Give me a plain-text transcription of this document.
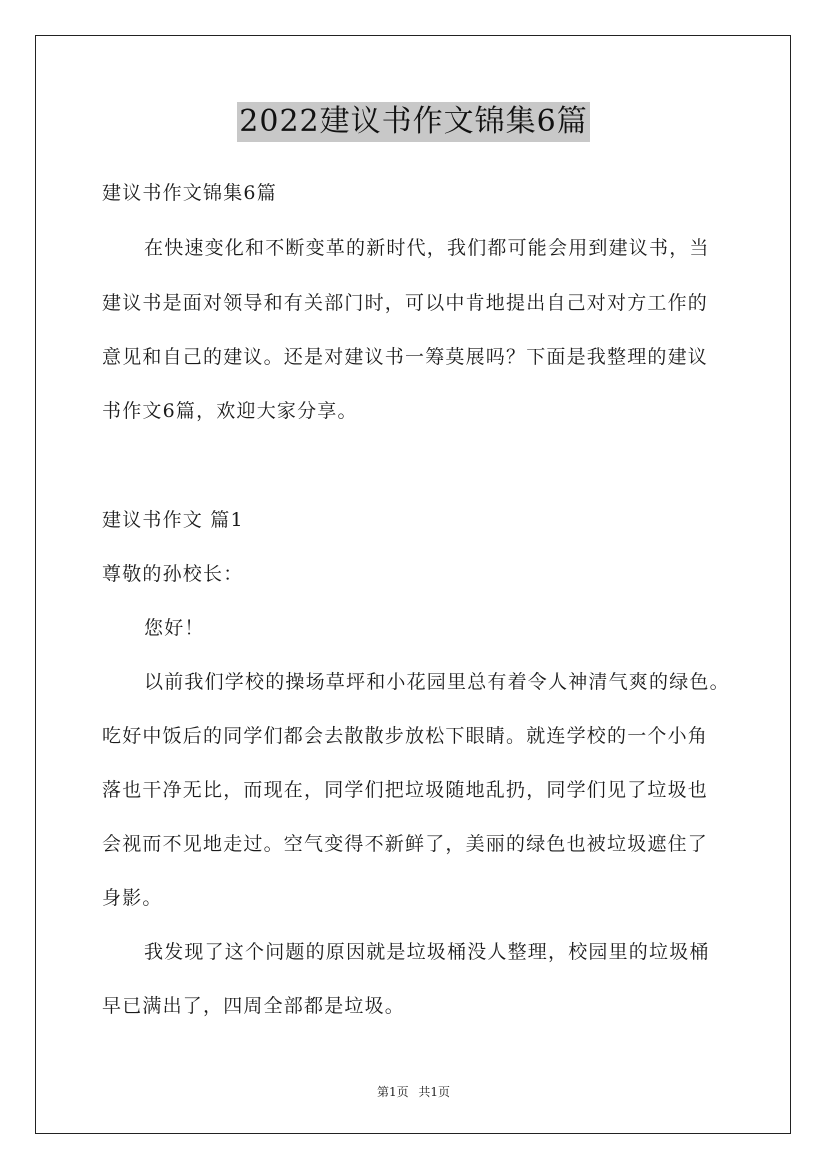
2022建议书作文锦集6篇
建议书作文锦集6篇
在快速变化和不断变革的新时代，我们都可能会用到建议书，当
建议书是面对领导和有关部门时，可以中肯地提出自己对对方工作的
意见和自己的建议。还是对建议书一筹莫展吗？下面是我整理的建议
书作文6篇，欢迎大家分享。
建议书作文 篇1
尊敬的孙校长：
您好！
以前我们学校的操场草坪和小花园里总有着令人神清气爽的绿色。
吃好中饭后的同学们都会去散散步放松下眼睛。就连学校的一个小角
落也干净无比，而现在，同学们把垃圾随地乱扔，同学们见了垃圾也
会视而不见地走过。空气变得不新鲜了，美丽的绿色也被垃圾遮住了
身影。
我发现了这个问题的原因就是垃圾桶没人整理，校园里的垃圾桶
早已满出了，四周全部都是垃圾。
第1页 共1页
